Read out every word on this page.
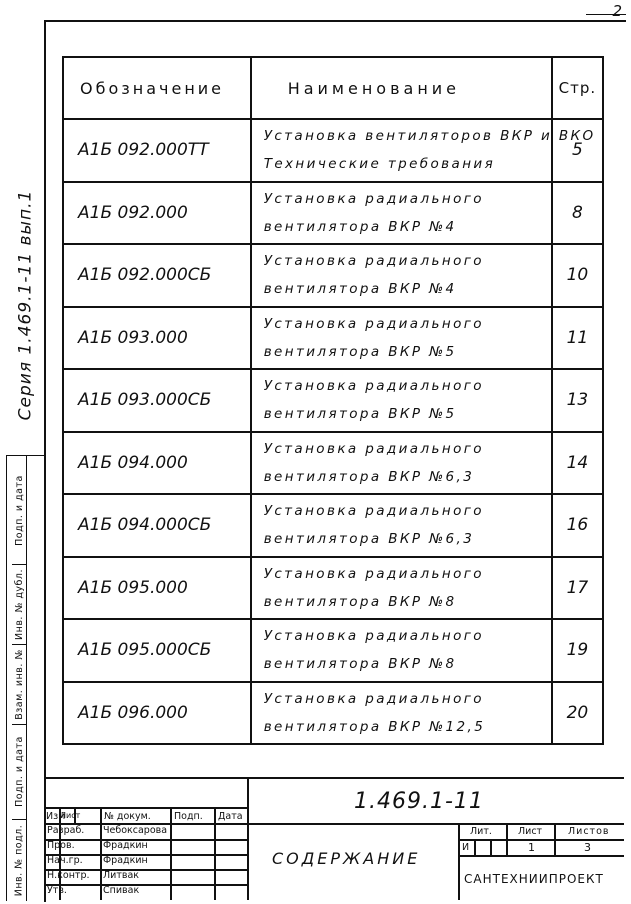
2
Серия 1.469.1-11 вып.1
Подп. и дата
Инв. № дубл.
Взам. инв. №
Подп. и дата
Инв. № подл.
Обозначение	Наименование	Стр.

А1Б 092.000ТТ	Установка вентиляторов ВКР и ВКО
Технические требования	5

А1Б 092.000	Установка радиального
вентилятора ВКР №4	8

А1Б 092.000СБ	Установка радиального
вентилятора ВКР №4	10

А1Б 093.000	Установка радиального
вентилятора ВКР №5	11

А1Б 093.000СБ	Установка радиального
вентилятора ВКР №5	13

А1Б 094.000	Установка радиального
вентилятора ВКР №6,3	14

А1Б 094.000СБ	Установка радиального
вентилятора ВКР №6,3	16

А1Б 095.000	Установка радиального
вентилятора ВКР №8	17

А1Б 095.000СБ	Установка радиального
вентилятора ВКР №8	19

А1Б 096.000	Установка радиального
вентилятора ВКР №12,5	20
Изм
Лист № докум. Подп. Дата
Разраб. Чебоксарова
Пров.	Фрадкин
Нач.гр. Фрадкин
Н.контр. Литвак
Утв.	Спивак
1.469.1-11
СОДЕРЖАНИЕ
Лит.	Лист	Листов
И	1	3
САНТЕХНИИПРОЕКТ
